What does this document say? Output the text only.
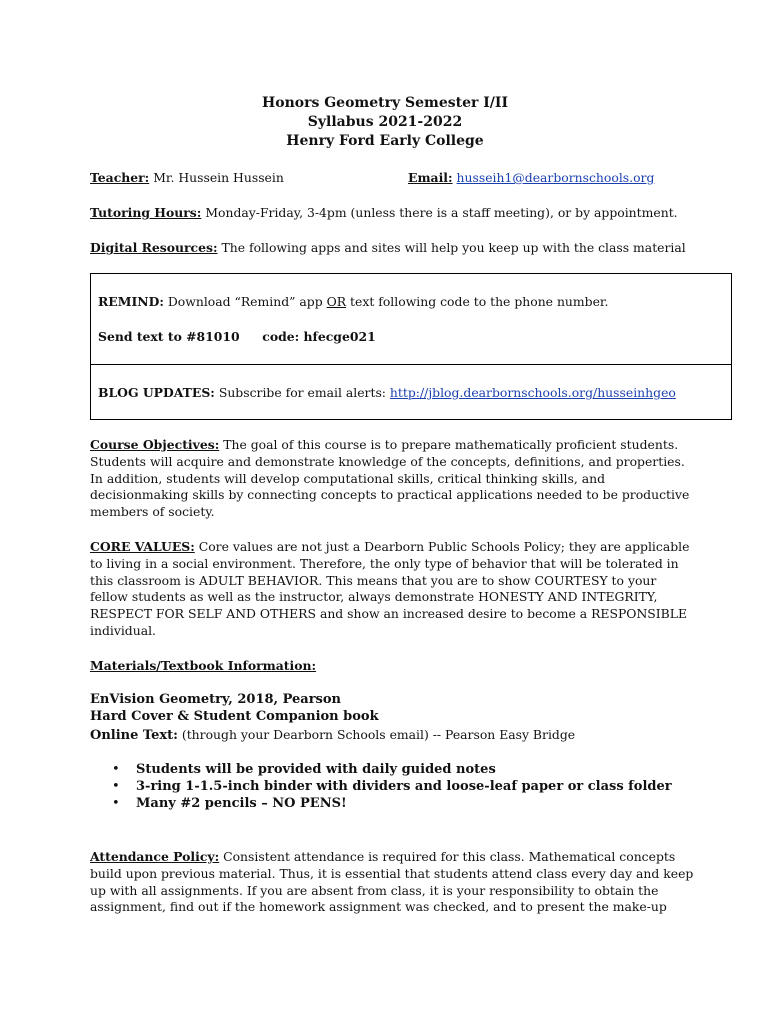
Honors Geometry Semester I/II
Syllabus 2021-2022
Henry Ford Early College
Teacher: Mr. Hussein Hussein	Email: husseih1@dearbornschools.org
Tutoring Hours: Monday-Friday, 3-4pm (unless there is a staff meeting), or by appointment.
Digital Resources: The following apps and sites will help you keep up with the class material
REMIND: Download “Remind” app OR text following code to the phone number.
Send text to #81010 code: hfecge021
BLOG UPDATES: Subscribe for email alerts: http://jblog.dearbornschools.org/husseinhgeo
Course Objectives: The goal of this course is to prepare mathematically proficient students.
Students will acquire and demonstrate knowledge of the concepts, definitions, and properties.
In addition, students will develop computational skills, critical thinking skills, and
decisionmaking skills by connecting concepts to practical applications needed to be productive
members of society.
CORE VALUES: Core values are not just a Dearborn Public Schools Policy; they are applicable
to living in a social environment. Therefore, the only type of behavior that will be tolerated in
this classroom is ADULT BEHAVIOR. This means that you are to show COURTESY to your
fellow students as well as the instructor, always demonstrate HONESTY AND INTEGRITY,
RESPECT FOR SELF AND OTHERS and show an increased desire to become a RESPONSIBLE
individual.
Materials/Textbook Information:
EnVision Geometry, 2018, Pearson
Hard Cover & Student Companion book
Online Text: (through your Dearborn Schools email) -- Pearson Easy Bridge
• Students will be provided with daily guided notes
• 3-ring 1-1.5-inch binder with dividers and loose-leaf paper or class folder
• Many #2 pencils – NO PENS!
Attendance Policy: Consistent attendance is required for this class. Mathematical concepts
build upon previous material. Thus, it is essential that students attend class every day and keep
up with all assignments. If you are absent from class, it is your responsibility to obtain the
assignment, find out if the homework assignment was checked, and to present the make-up
